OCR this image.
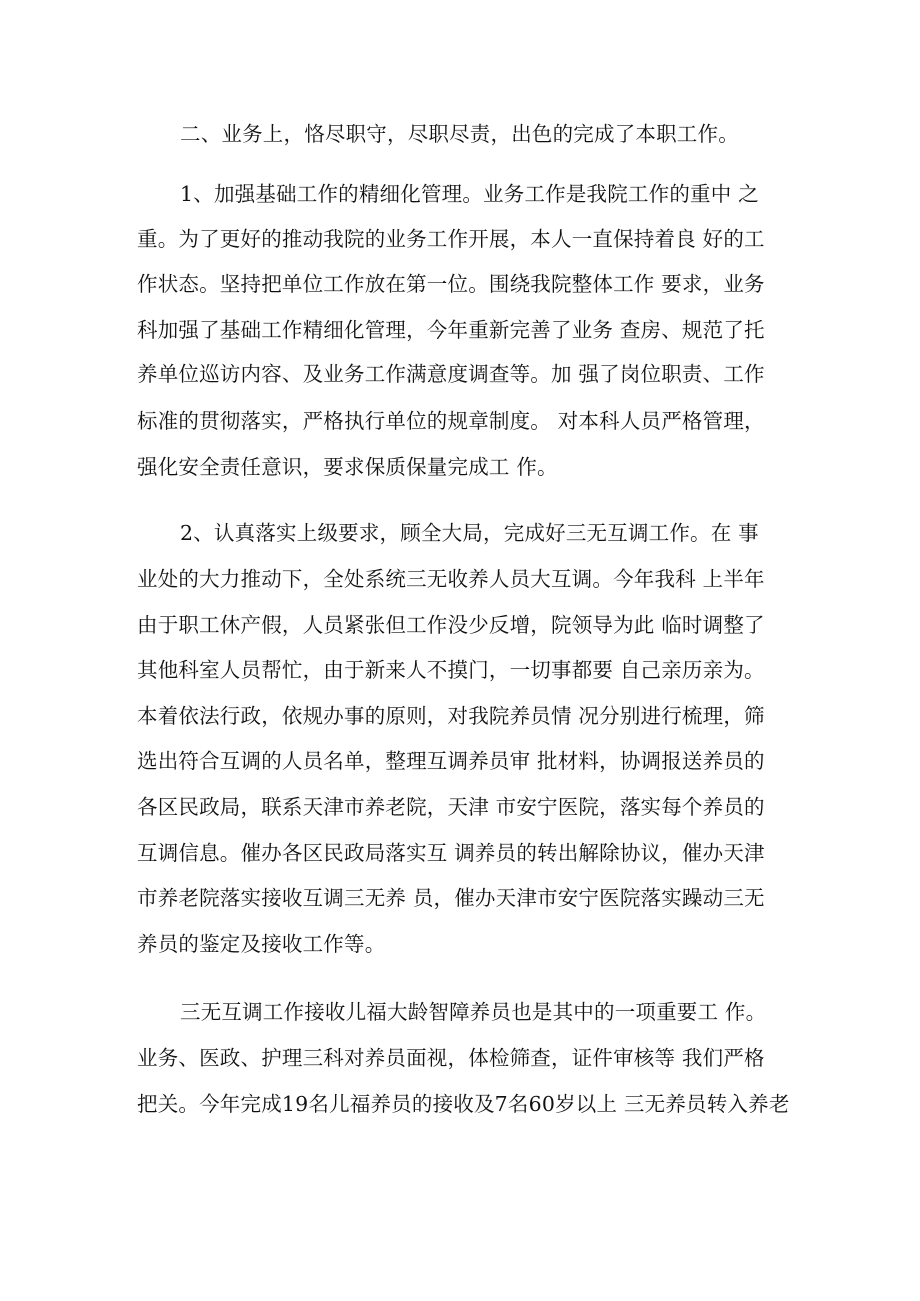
二、业务上，恪尽职守，尽职尽责，出色的完成了本职工作。
1、加强基础工作的精细化管理。业务工作是我院工作的重中 之
重。为了更好的推动我院的业务工作开展，本人一直保持着良 好的工
作状态。坚持把单位工作放在第一位。围绕我院整体工作 要求，业务
科加强了基础工作精细化管理，今年重新完善了业务 查房、规范了托
养单位巡访内容、及业务工作满意度调查等。加 强了岗位职责、工作
标准的贯彻落实，严格执行单位的规章制度。 对本科人员严格管理，
强化安全责任意识，要求保质保量完成工 作。
2、认真落实上级要求，顾全大局，完成好三无互调工作。在 事
业处的大力推动下，全处系统三无收养人员大互调。今年我科 上半年
由于职工休产假，人员紧张但工作没少反增，院领导为此 临时调整了
其他科室人员帮忙，由于新来人不摸门，一切事都要 自己亲历亲为。
本着依法行政，依规办事的原则，对我院养员情 况分别进行梳理，筛
选出符合互调的人员名单，整理互调养员审 批材料，协调报送养员的
各区民政局，联系天津市养老院，天津 市安宁医院，落实每个养员的
互调信息。催办各区民政局落实互 调养员的转出解除协议，催办天津
市养老院落实接收互调三无养 员，催办天津市安宁医院落实躁动三无
养员的鉴定及接收工作等。
三无互调工作接收儿福大龄智障养员也是其中的一项重要工 作。
业务、医政、护理三科对养员面视，体检筛查，证件审核等 我们严格
把关。今年完成19名儿福养员的接收及7名60岁以上 三无养员转入养老
